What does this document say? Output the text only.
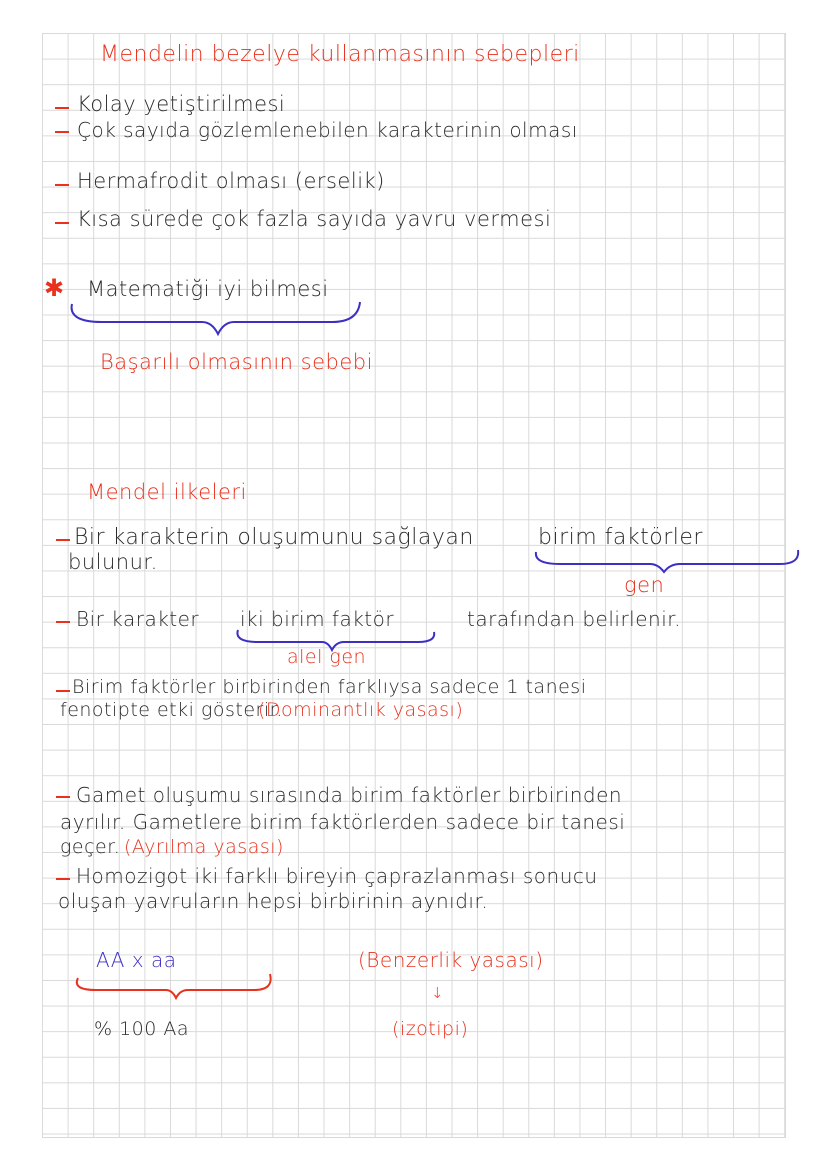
Mendelin bezelye kullanmasının sebepleri
Kolay yetiştirilmesi
Çok sayıda gözlemlenebilen karakterinin olması
Hermafrodit olması (erselik)
Kısa sürede çok fazla sayıda yavru vermesi
✱ Matematiği iyi bilmesi
Başarılı olmasının sebebi
Mendel ilkeleri
Bir karakterin oluşumunu sağlayan	birim faktörler
bulunur.
gen
Bir karakter iki birim faktör	tarafından belirlenir.
alel gen
Birim faktörler birbirinden farklıysa sadece 1 tanesi
fenotipte etki gösterir.
(Dominantlık yasası)
Gamet oluşumu sırasında birim faktörler birbirinden
ayrılır. Gametlere birim faktörlerden sadece bir tanesi
geçer. (Ayrılma yasası)
Homozigot iki farklı bireyin çaprazlanması sonucu
oluşan yavruların hepsi birbirinin aynıdır.
AA x aa
% 100 Aa
(Benzerlik yasası)
↓
(izotipi)
